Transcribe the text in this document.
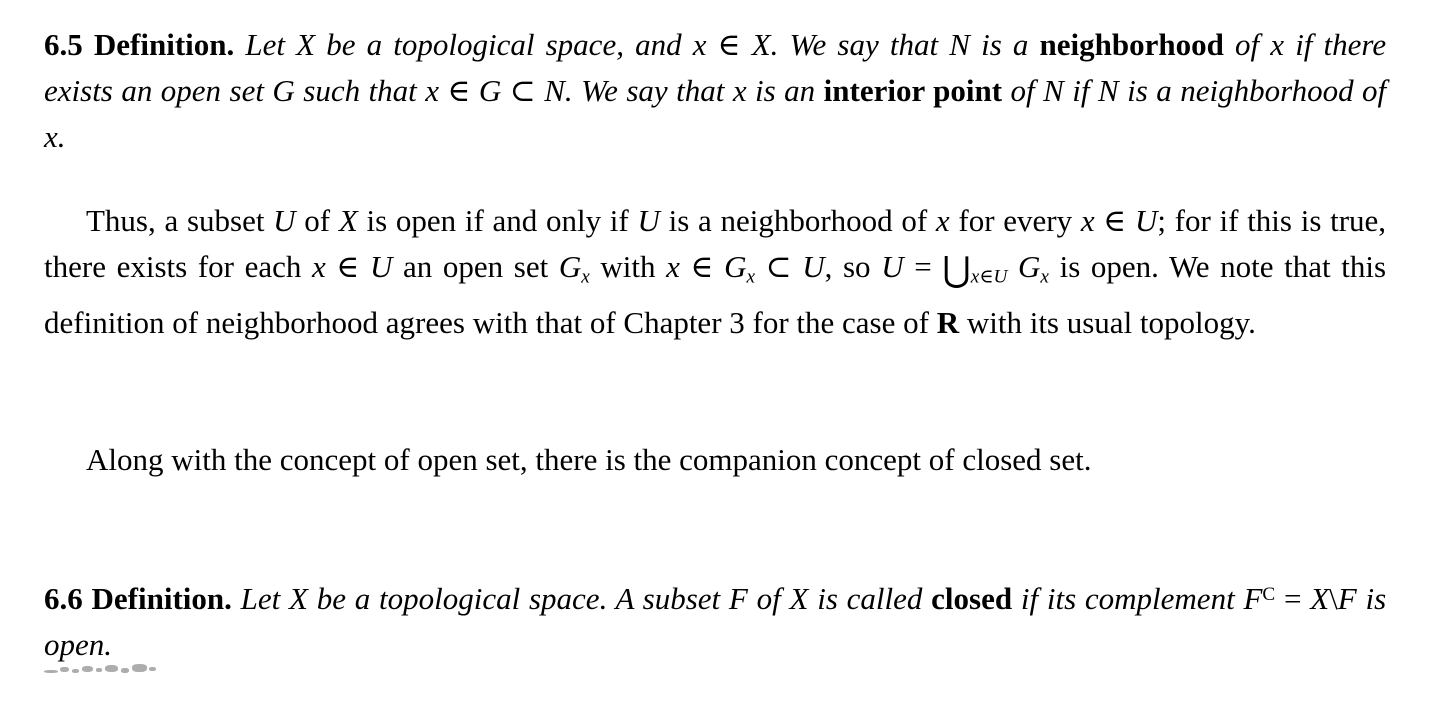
6.5 Definition. Let X be a topological space, and x ∈ X. We say that N is a neighborhood of x if there exists an open set G such that x ∈ G ⊂ N. We say that x is an interior point of N if N is a neighborhood of x.
Thus, a subset U of X is open if and only if U is a neighborhood of x for every x ∈ U; for if this is true, there exists for each x ∈ U an open set $G_x$ with x ∈ $G_x$ ⊂ U, so $U = ⋃_{x\in U}$ $G_x$ is open. We note that this definition of neighborhood agrees with that of Chapter 3 for the case of R with its usual topology.
Along with the concept of open set, there is the companion concept of closed set.
6.6 Definition. Let X be a topological space. A subset F of X is called closed if its complement $F^C$ = X\F is open.
